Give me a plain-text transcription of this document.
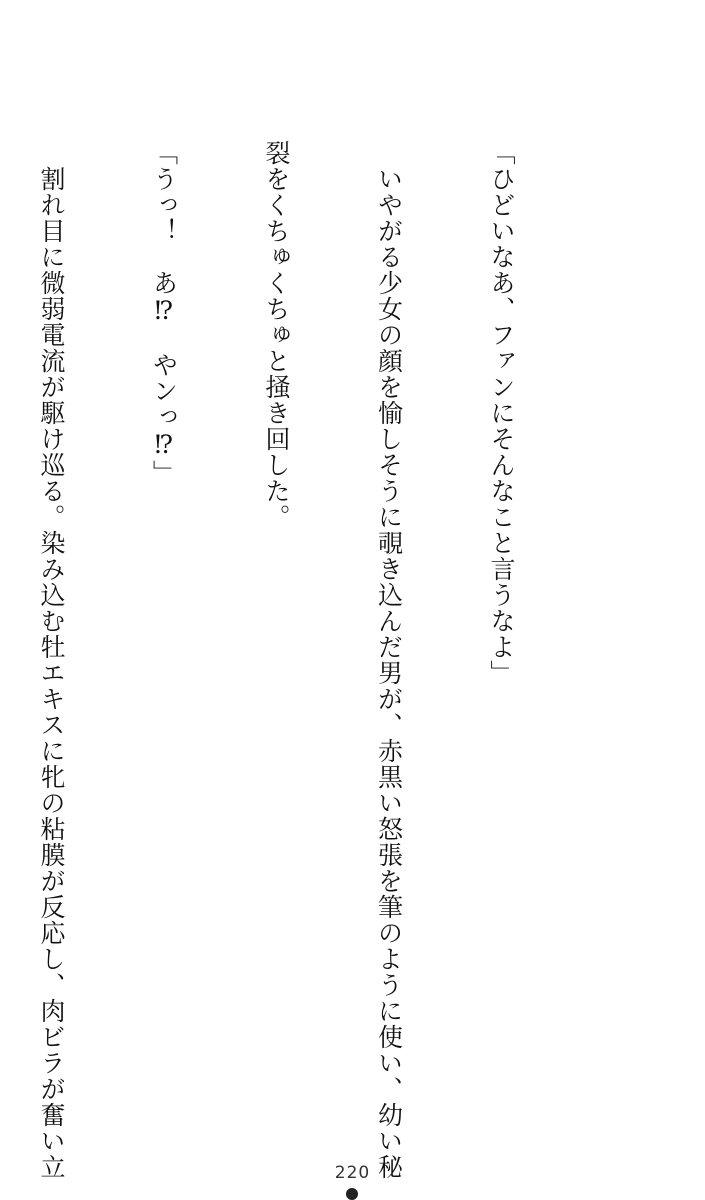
「ひどいなあ、ファンにそんなこと言うなよ」

　いやがる少女の顔を愉しそうに覗き込んだ男が、赤黒い怒張を筆のように使い、幼い秘

裂をくちゅくちゅと掻き回した。

「うっ！　あ⁉　やンっ⁉」

　割れ目に微弱電流が駆け巡る。染み込む牡エキスに牝の粘膜が反応し、肉ビラが奮い立

	220
